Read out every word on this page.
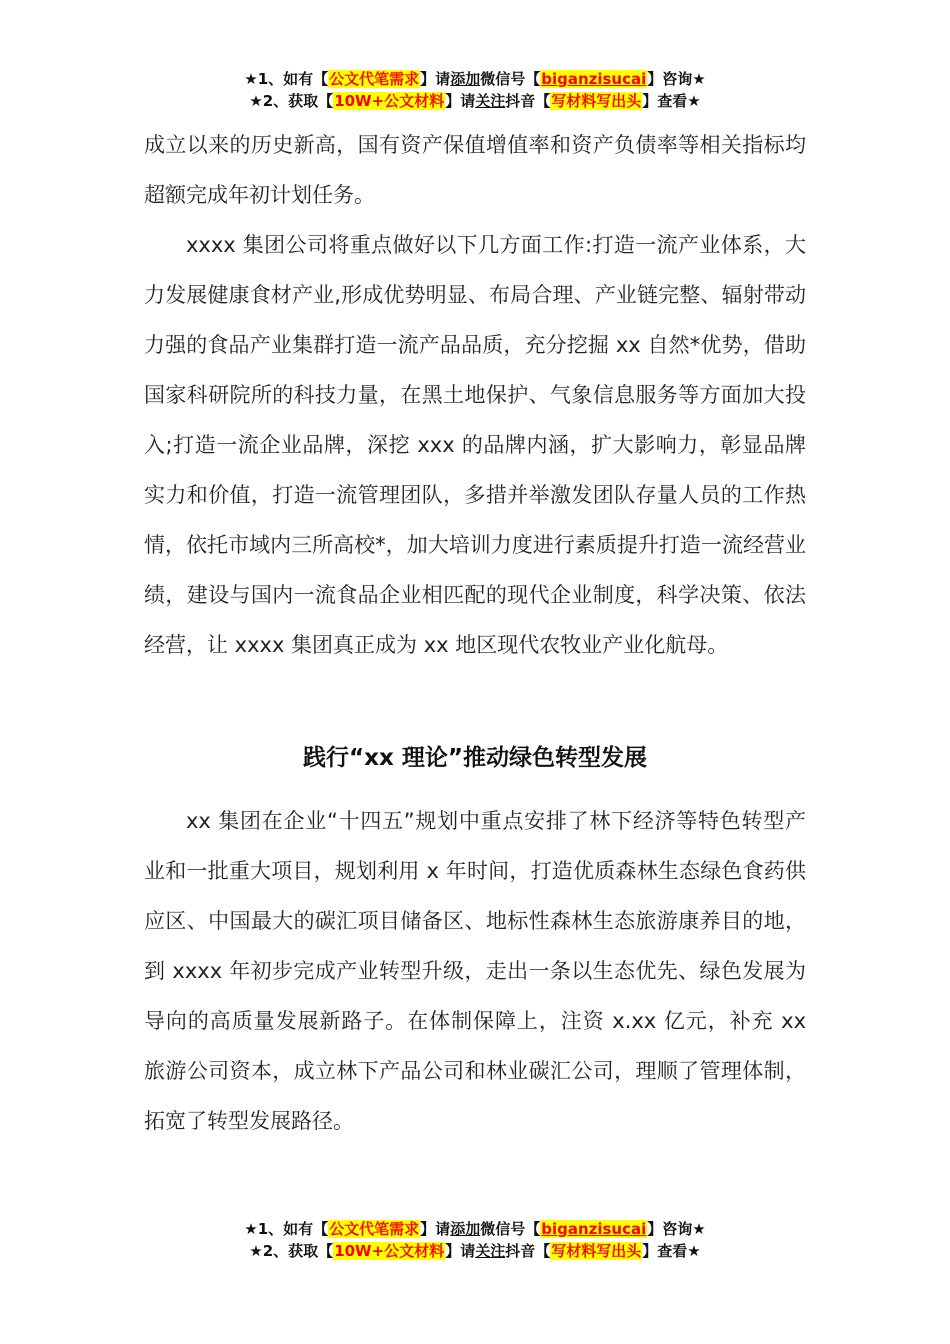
★1、如有【公文代笔需求】请添加微信号【biganzisucai】咨询★
★2、获取【10W+公文材料】请关注抖音【写材料写出头】查看★

成立以来的历史新高，国有资产保值增值率和资产负债率等相关指标均超额完成年初计划任务。

xxxx 集团公司将重点做好以下几方面工作:打造一流产业体系，大力发展健康食材产业,形成优势明显、布局合理、产业链完整、辐射带动力强的食品产业集群打造一流产品品质，充分挖掘 xx 自然*优势，借助国家科研院所的科技力量，在黑土地保护、气象信息服务等方面加大投入;打造一流企业品牌，深挖 xxx 的品牌内涵，扩大影响力，彰显品牌实力和价值，打造一流管理团队，多措并举激发团队存量人员的工作热情，依托市域内三所高校*，加大培训力度进行素质提升打造一流经营业绩，建设与国内一流食品企业相匹配的现代企业制度，科学决策、依法经营，让 xxxx 集团真正成为 xx 地区现代农牧业产业化航母。

践行“xx 理论”推动绿色转型发展

xx 集团在企业“十四五”规划中重点安排了林下经济等特色转型产业和一批重大项目，规划利用 x 年时间，打造优质森林生态绿色食药供应区、中国最大的碳汇项目储备区、地标性森林生态旅游康养目的地，到 xxxx 年初步完成产业转型升级，走出一条以生态优先、绿色发展为导向的高质量发展新路子。在体制保障上，注资 x.xx 亿元，补充 xx 旅游公司资本，成立林下产品公司和林业碳汇公司，理顺了管理体制，拓宽了转型发展路径。

★1、如有【公文代笔需求】请添加微信号【biganzisucai】咨询★
★2、获取【10W+公文材料】请关注抖音【写材料写出头】查看★
